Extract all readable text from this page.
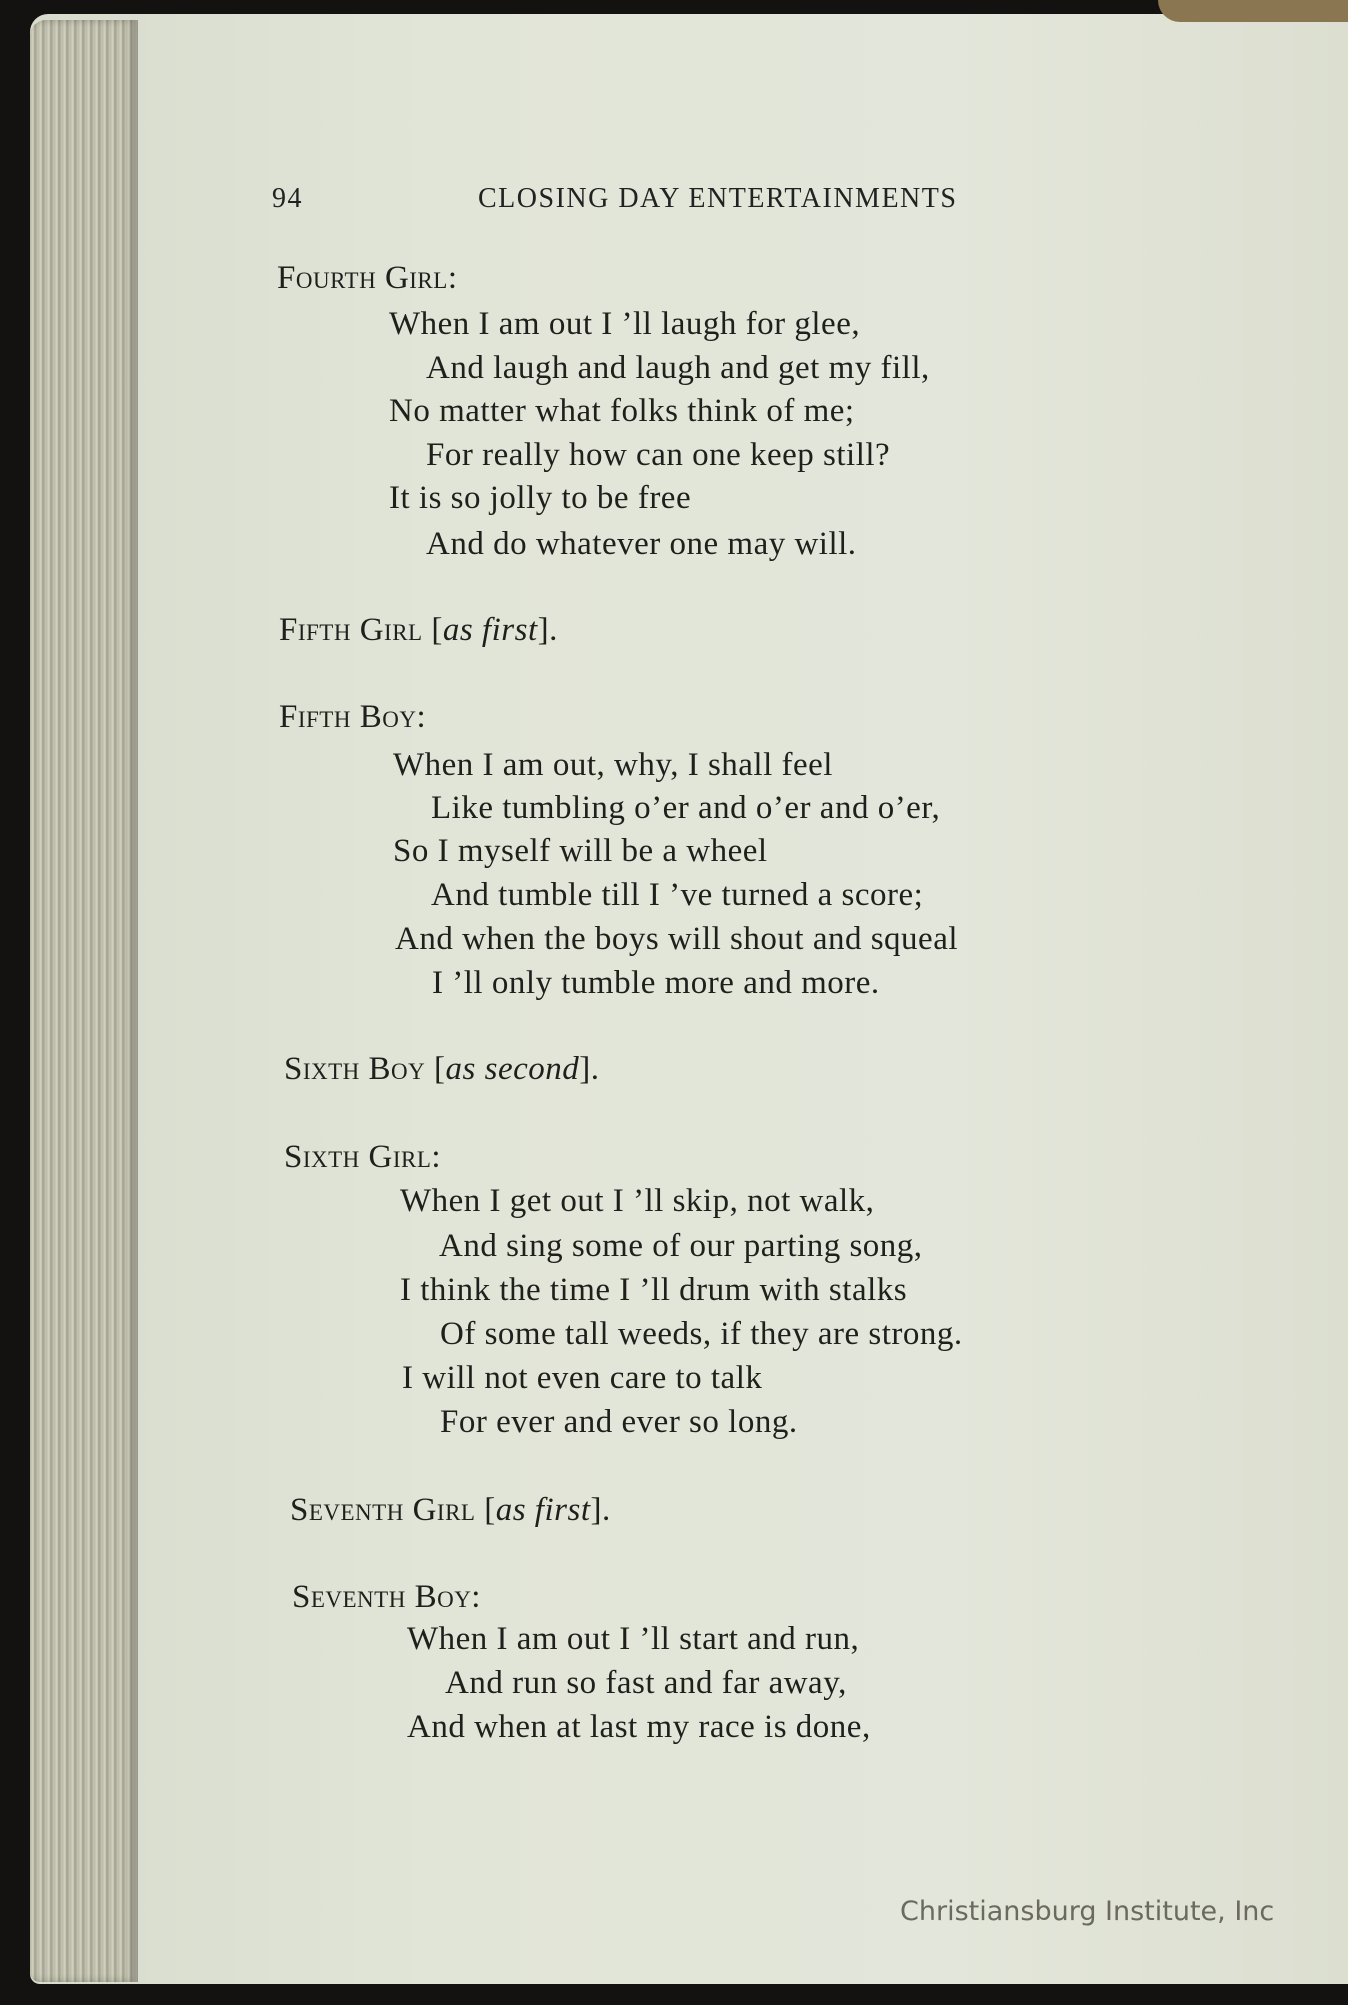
94	CLOSING DAY ENTERTAINMENTS
Fourth Girl:
When I am out I ’ll laugh for glee,
And laugh and laugh and get my fill,
No matter what folks think of me;
For really how can one keep still?
It is so jolly to be free
And do whatever one may will.
Fifth Girl [ as first ].
Fifth Boy:
When I am out, why, I shall feel
Like tumbling o’er and o’er and o’er,
So I myself will be a wheel
And tumble till I ’ve turned a score;
And when the boys will shout and squeal
I ’ll only tumble more and more.
Sixth Boy [ as second ].
Sixth Girl:
When I get out I ’ll skip, not walk,
And sing some of our parting song,
I think the time I ’ll drum with stalks
Of some tall weeds, if they are strong.
I will not even care to talk
For ever and ever so long.
Seventh Girl [ as first ].
Seventh Boy:
When I am out I ’ll start and run,
And run so fast and far away,
And when at last my race is done,
Christiansburg Institute, Inc
